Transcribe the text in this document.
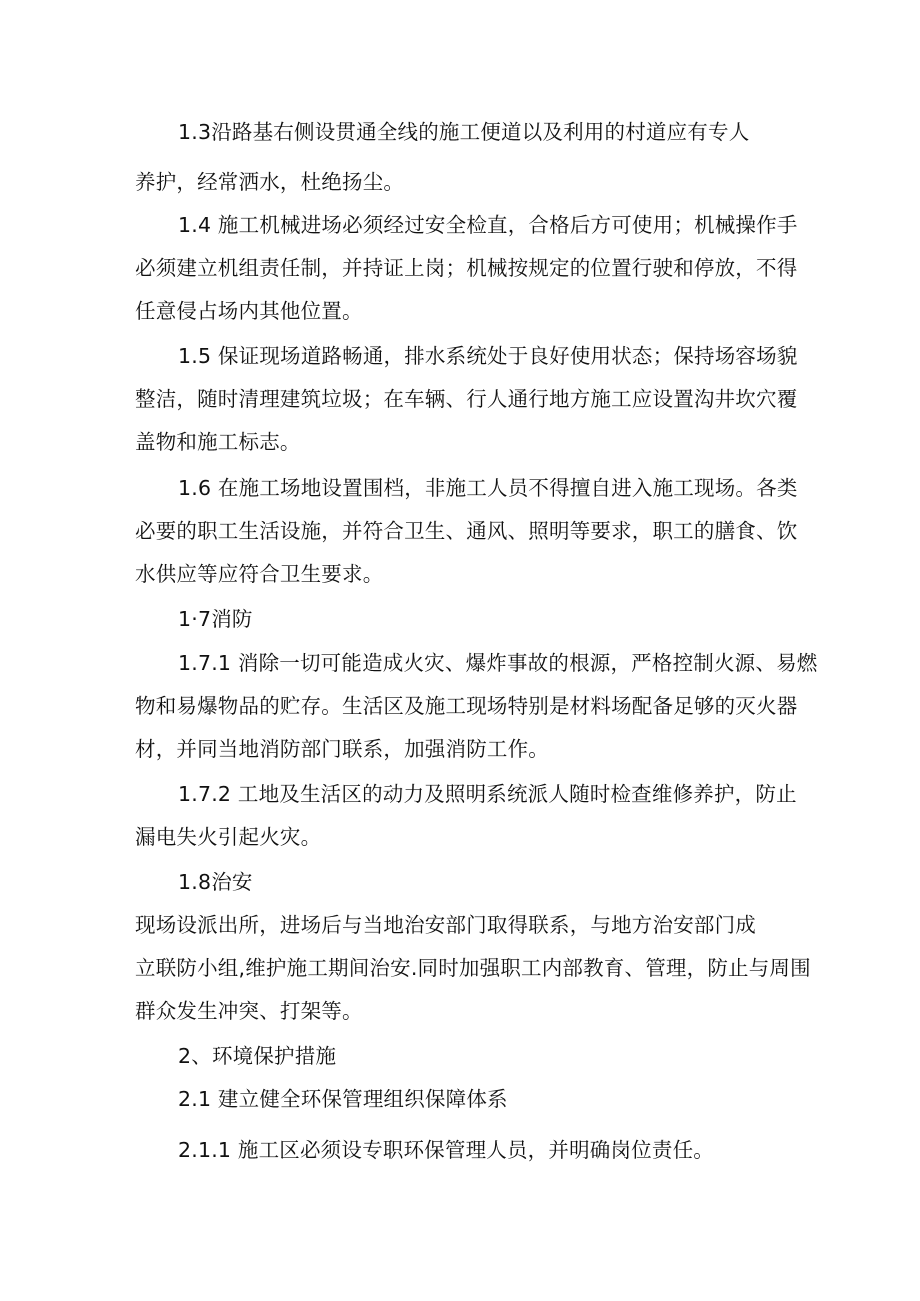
1.3沿路基右侧设贯通全线的施工便道以及利用的村道应有专人
养护，经常洒水，杜绝扬尘。
1.4 施工机械进场必须经过安全检直，合格后方可使用；机械操作手
必须建立机组责任制，并持证上岗；机械按规定的位置行驶和停放，不得
任意侵占场内其他位置。
1.5 保证现场道路畅通，排水系统处于良好使用状态；保持场容场貌
整洁，随时清理建筑垃圾；在车辆、行人通行地方施工应设置沟井坎穴覆
盖物和施工标志。
1.6 在施工场地设置围档，非施工人员不得擅自进入施工现场。各类
必要的职工生活设施，并符合卫生、通风、照明等要求，职工的膳食、饮
水供应等应符合卫生要求。
1·7消防
1.7.1 消除一切可能造成火灾、爆炸事故的根源，严格控制火源、易燃
物和易爆物品的贮存。生活区及施工现场特别是材料场配备足够的灭火器
材，并同当地消防部门联系，加强消防工作。
1.7.2 工地及生活区的动力及照明系统派人随时检查维修养护，防止
漏电失火引起火灾。
1.8治安
现场设派出所，进场后与当地治安部门取得联系，与地方治安部门成
立联防小组,维护施工期间治安.同时加强职工内部教育、管理，防止与周围
群众发生冲突、打架等。
2、环境保护措施
2.1 建立健全环保管理组织保障体系
2.1.1 施工区必须设专职环保管理人员，并明确岗位责任。
